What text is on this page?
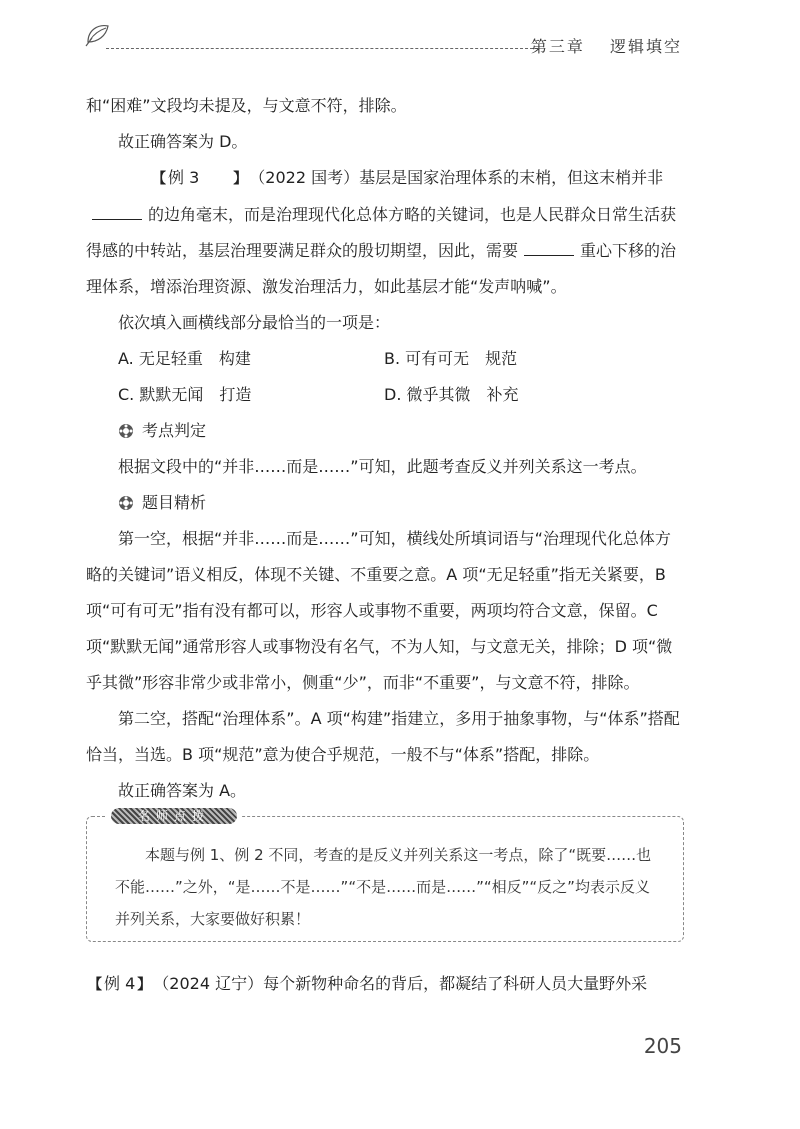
第三章 逻辑填空

和“困难”文段均未提及，与文意不符，排除。

故正确答案为 D。

【 例 3 】 （2022 国考）基层是国家治理体系的末梢，但这末梢并非的边角毫末，而是治理现代化总体方略的关键词，也是人民群众日常生活获得感的中转站，基层治理要满足群众的殷切期望，因此，需要	重心下移的治理体系，增添治理资源、激发治理活力，如此基层才能“发声呐喊”。

依次填入画横线部分最恰当的一项是：

A. 无足轻重　构建	B. 可有可无　规范
C. 默默无闻　打造	D. 微乎其微　补充
考点判定

根据文段中的“并非……而是……”可知，此题考查反义并列关系这一考点。

题目精析

第一空，根据“并非……而是……”可知，横线处所填词语与“治理现代化总体方略的关键词”语义相反，体现不关键、不重要之意。A 项“无足轻重”指无关紧要，B 项“可有可无”指有没有都可以，形容人或事物不重要，两项均符合文意，保留。C 项“默默无闻”通常形容人或事物没有名气，不为人知，与文意无关，排除；D 项“微乎其微”形容非常少或非常小，侧重“少”，而非“不重要”，与文意不符，排除。

第二空，搭配“治理体系”。A 项“构建”指建立，多用于抽象事物，与“体系”搭配恰当，当选。B 项“规范”意为使合乎规范，一般不与“体系”搭配，排除。

故正确答案为 A。

名师点拨
本题与例 1、例 2 不同，考查的是反义并列关系这一考点，除了“既要……也不能……”之外，“是……不是……”“不是……而是……”“相反”“反之”均表示反义并列关系，大家要做好积累！
【 例 4 】 （2024 辽宁）每个新物种命名的背后，都凝结了科研人员大量野外采
205
